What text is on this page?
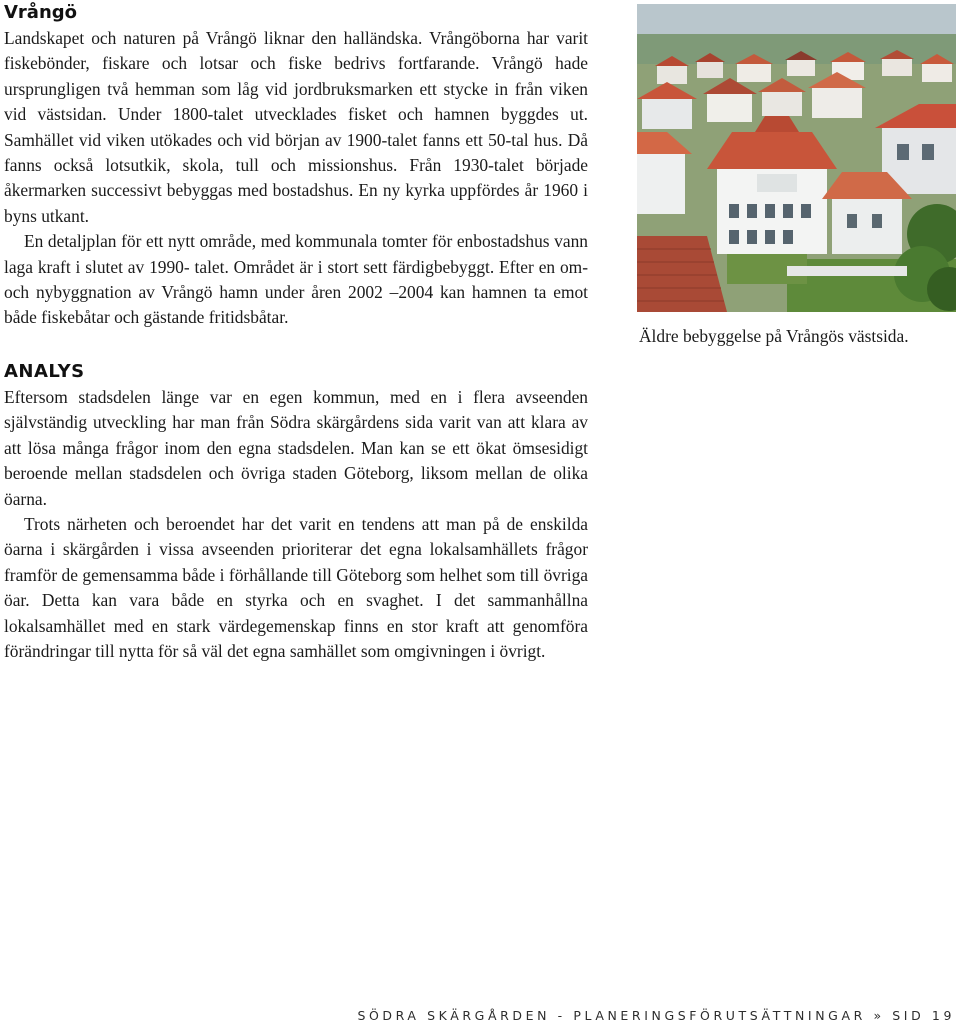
Vrångö

Landskapet och naturen på Vrångö liknar den halländska. Vrångöborna har varit fiskebönder, fiskare och lotsar och fiske bedrivs fortfarande. Vrångö hade ursprungligen två hemman som låg vid jordbruksmarken ett stycke in från viken vid västsidan. Under 1800-talet utvecklades fisket och hamnen byggdes ut. Samhället vid viken utökades och vid början av 1900-talet fanns ett 50-tal hus. Då fanns också lotsutkik, skola, tull och missionshus. Från 1930-talet började åkermarken successivt bebyggas med bostadshus. En ny kyrka uppfördes år 1960 i byns utkant.

En detaljplan för ett nytt område, med kommunala tomter för enbostadshus vann laga kraft i slutet av 1990- talet. Området är i stort sett färdigbebyggt. Efter en om- och nybyggnation av Vrångö hamn under åren 2002 –2004 kan hamnen ta emot både fiskebåtar och gästande fritidsbåtar.

ANALYS

Eftersom stadsdelen länge var en egen kommun, med en i flera avseenden självständig utveckling har man från Södra skärgårdens sida varit van att klara av att lösa många frågor inom den egna stadsdelen. Man kan se ett ökat ömsesidigt beroende mellan stadsdelen och övriga staden Göteborg, liksom mellan de olika öarna.

Trots närheten och beroendet har det varit en tendens att man på de enskilda öarna i skärgården i vissa avseenden prioriterar det egna lokalsamhällets frågor framför de gemensamma både i förhållande till Göteborg som helhet som till övriga öar. Detta kan vara både en styrka och en svaghet. I det sammanhållna lokalsamhället med en stark värdegemenskap finns en stor kraft att genomföra förändringar till nytta för så väl det egna samhället som omgivningen i övrigt.

Äldre bebyggelse på Vrångös västsida.
SÖDRA SKÄRGÅRDEN - PLANERINGSFÖRUTSÄTTNINGAR » SID 19
